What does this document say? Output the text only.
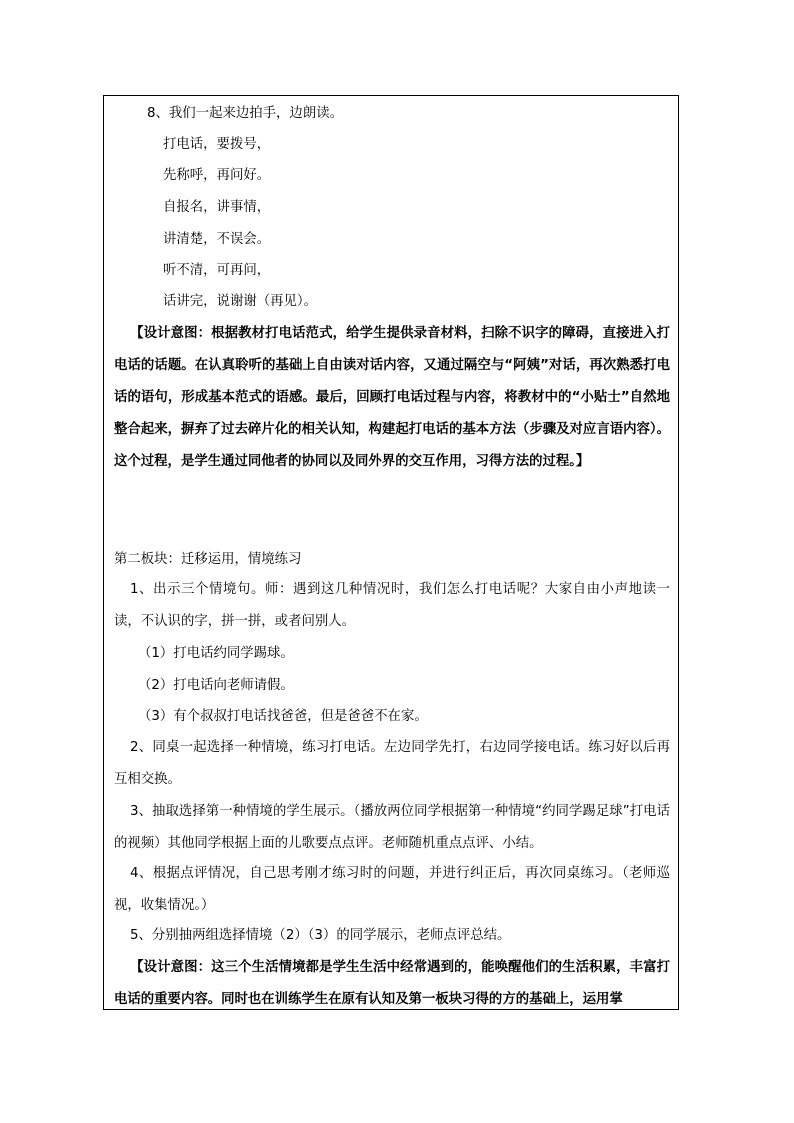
8、我们一起来边拍手，边朗读。
打电话，要拨号，
先称呼，再问好。
自报名，讲事情，
讲清楚，不误会。
听不清，可再问，
话讲完，说谢谢（再见）。
【设计意图：根据教材打电话范式，给学生提供录音材料，扫除不识字的障碍，直接进入打电话的话题。在认真聆听的基础上自由读对话内容，又通过隔空与“阿姨”对话，再次熟悉打电话的语句，形成基本范式的语感。最后，回顾打电话过程与内容，将教材中的“小贴士”自然地整合起来，摒弃了过去碎片化的相关认知，构建起打电话的基本方法（步骤及对应言语内容）。这个过程，是学生通过同他者的协同以及同外界的交互作用，习得方法的过程。】
第二板块：迁移运用，情境练习
1、出示三个情境句。师：遇到这几种情况时，我们怎么打电话呢？大家自由小声地读一读，不认识的字，拼一拼，或者问别人。
（1）打电话约同学踢球。
（2）打电话向老师请假。
（3）有个叔叔打电话找爸爸，但是爸爸不在家。
2、同桌一起选择一种情境，练习打电话。左边同学先打，右边同学接电话。练习好以后再互相交换。
3、抽取选择第一种情境的学生展示。（播放两位同学根据第一种情境“约同学踢足球”打电话的视频）其他同学根据上面的儿歌要点点评。老师随机重点点评、小结。
4、根据点评情况，自己思考刚才练习时的问题，并进行纠正后，再次同桌练习。（老师巡视，收集情况。）
5、分别抽两组选择情境（2）（3）的同学展示，老师点评总结。
【设计意图：这三个生活情境都是学生生活中经常遇到的，能唤醒他们的生活积累，丰富打电话的重要内容。同时也在训练学生在原有认知及第一板块习得的方的基础上，运用掌
